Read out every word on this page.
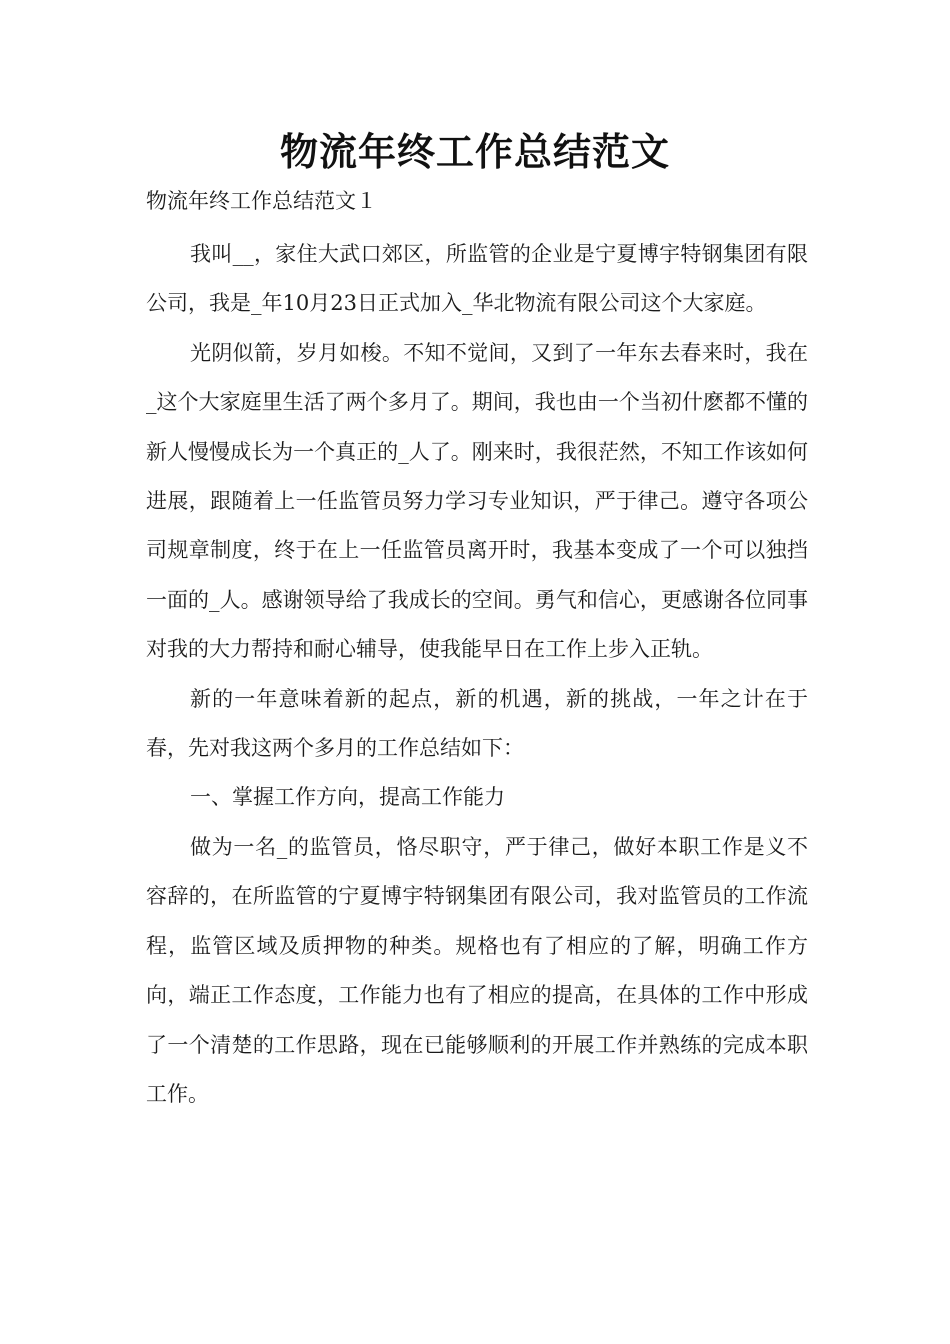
物流年终工作总结范文
物流年终工作总结范文１

我叫__，家住大武口郊区，所监管的企业是宁夏博宇特钢集团有限公司，我是_年10月23日正式加入_华北物流有限公司这个大家庭。

光阴似箭，岁月如梭。不知不觉间，又到了一年东去春来时，我在_这个大家庭里生活了两个多月了。期间，我也由一个当初什麽都不懂的新人慢慢成长为一个真正的_人了。刚来时，我很茫然，不知工作该如何进展，跟随着上一任监管员努力学习专业知识，严于律己。遵守各项公司规章制度，终于在上一任监管员离开时，我基本变成了一个可以独挡一面的_人。感谢领导给了我成长的空间。勇气和信心，更感谢各位同事对我的大力帮持和耐心辅导，使我能早日在工作上步入正轨。

新的一年意味着新的起点，新的机遇，新的挑战，一年之计在于春，先对我这两个多月的工作总结如下：

一、掌握工作方向，提高工作能力

做为一名_的监管员，恪尽职守，严于律己，做好本职工作是义不容辞的，在所监管的宁夏博宇特钢集团有限公司，我对监管员的工作流程，监管区域及质押物的种类。规格也有了相应的了解，明确工作方向，端正工作态度，工作能力也有了相应的提高，在具体的工作中形成了一个清楚的工作思路，现在已能够顺利的开展工作并熟练的完成本职工作。
